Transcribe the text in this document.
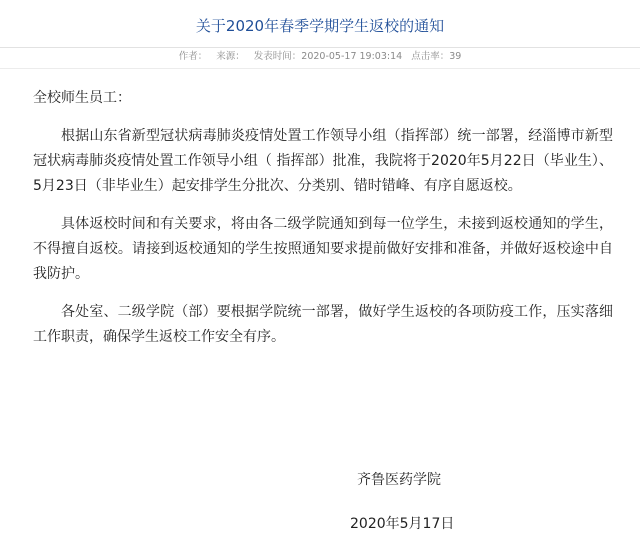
关于2020年春季学期学生返校的通知
作者： 来源： 发表时间：2020-05-17 19:03:14 点击率：39

全校师生员工：

根据山东省新型冠状病毒肺炎疫情处置工作领导小组（指挥部）统一部署，经淄博市新型冠状病毒肺炎疫情处置工作领导小组（ 指挥部）批准，我院将于2020年5月22日（毕业生）、5月23日（非毕业生）起安排学生分批次、分类别、错时错峰、有序自愿返校。

具体返校时间和有关要求，将由各二级学院通知到每一位学生，未接到返校通知的学生，不得擅自返校。请接到返校通知的学生按照通知要求提前做好安排和准备，并做好返校途中自我防护。

各处室、二级学院（部）要根据学院统一部署，做好学生返校的各项防疫工作，压实落细工作职责，确保学生返校工作安全有序。

齐鲁医药学院
2020年5月17日
